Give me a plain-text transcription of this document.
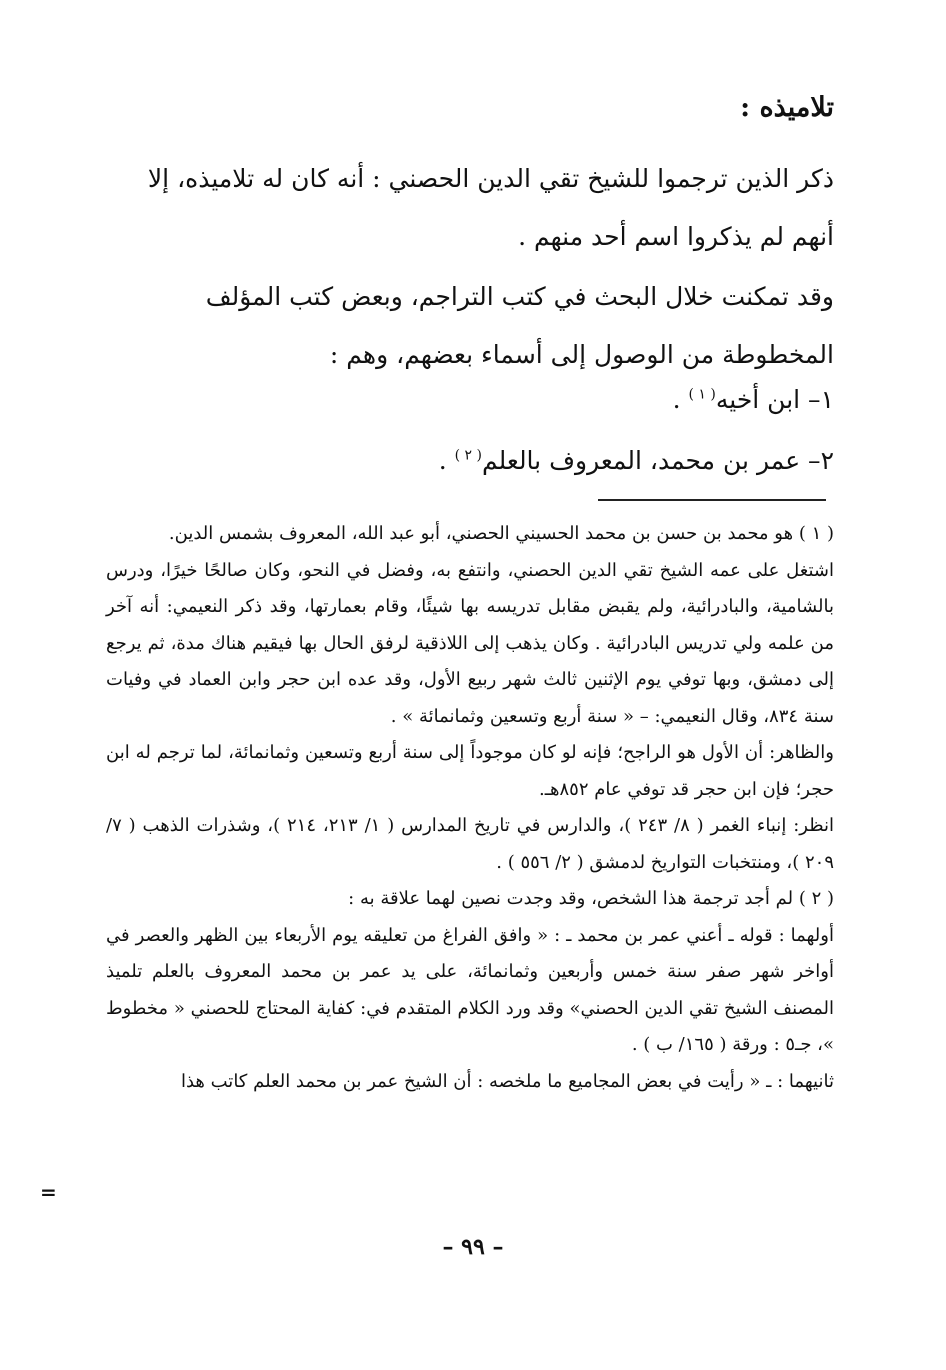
تلاميذه :
ذكر الذين ترجموا للشيخ تقي الدين الحصني : أنه كان له تلاميذه، إلا أنهم لم يذكروا اسم أحد منهم .
وقد تمكنت خلال البحث في كتب التراجم، وبعض كتب المؤلف المخطوطة من الوصول إلى أسماء بعضهم، وهم :
١– ابن أخيه$^{( ١ )}$ .
٢– عمر بن محمد، المعروف بالعلم$^{( ٢ )}$ .

( ١ ) هو محمد بن حسن بن محمد الحسيني الحصني، أبو عبد الله، المعروف بشمس الدين.

اشتغل على عمه الشيخ تقي الدين الحصني، وانتفع به، وفضل في النحو، وكان صالحًا خيرًا، ودرس بالشامية، والبادرائية، ولم يقبض مقابل تدريسه بها شيئًا، وقام بعمارتها، وقد ذكر النعيمي: أنه آخر من علمه ولي تدريس البادرائية . وكان يذهب إلى اللاذقية لرفق الحال بها فيقيم هناك مدة، ثم يرجع إلى دمشق، وبها توفي يوم الإثنين ثالث شهر ربيع الأول، وقد عده ابن حجر وابن العماد في وفيات سنة ٨٣٤، وقال النعيمي: – « سنة أربع وتسعين وثمانمائة » .

والظاهر: أن الأول هو الراجح؛ فإنه لو كان موجوداً إلى سنة أربع وتسعين وثمانمائة، لما ترجم له ابن حجر؛ فإن ابن حجر قد توفي عام ٨٥٢هـ.

انظر: إنباء الغمر ( ٨/ ٢٤٣ )، والدارس في تاريخ المدارس ( ١/ ٢١٣، ٢١٤ )، وشذرات الذهب ( ٧/ ٢٠٩ )، ومنتخبات التواريخ لدمشق ( ٢/ ٥٥٦ ) .

( ٢ ) لم أجد ترجمة هذا الشخص، وقد وجدت نصين لهما علاقة به :

أولهما : قوله ـ أعني عمر بن محمد ـ : « وافق الفراغ من تعليقه يوم الأربعاء بين الظهر والعصر في أواخر شهر صفر سنة خمس وأربعين وثمانمائة، على يد عمر بن محمد المعروف بالعلم تلميذ المصنف الشيخ تقي الدين الحصني» وقد ورد الكلام المتقدم في: كفاية المحتاج للحصني « مخطوط »، جـ٥ : ورقة ( ١٦٥/ ب ) .

ثانيهما : ـ « رأيت في بعض المجاميع ما ملخصه : أن الشيخ عمر بن محمد العلم كاتب هذا

=
– ٩٩ –
